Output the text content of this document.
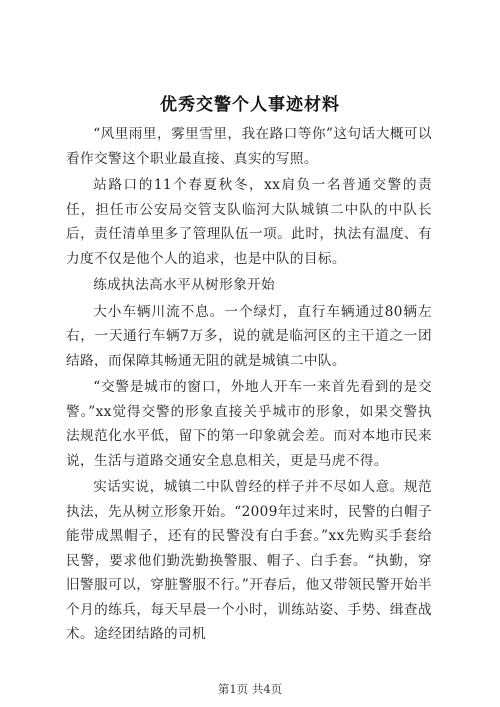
优秀交警个人事迹材料

“风里雨里，雾里雪里，我在路口等你”这句话大概可以看作交警这个职业最直接、真实的写照。

站路口的11个春夏秋冬，xx肩负一名普通交警的责任，担任市公安局交管支队临河大队城镇二中队的中队长后，责任清单里多了管理队伍一项。此时，执法有温度、有力度不仅是他个人的追求，也是中队的目标。

练成执法高水平从树形象开始

大小车辆川流不息。一个绿灯，直行车辆通过80辆左右，一天通行车辆7万多，说的就是临河区的主干道之一团结路，而保障其畅通无阻的就是城镇二中队。

“交警是城市的窗口，外地人开车一来首先看到的是交警。”xx觉得交警的形象直接关乎城市的形象，如果交警执法规范化水平低，留下的第一印象就会差。而对本地市民来说，生活与道路交通安全息息相关，更是马虎不得。

实话实说，城镇二中队曾经的样子并不尽如人意。规范执法，先从树立形象开始。“2009年过来时，民警的白帽子能带成黑帽子，还有的民警没有白手套。”xx先购买手套给民警，要求他们勤洗勤换警服、帽子、白手套。“执勤，穿旧警服可以，穿脏警服不行。”开春后，他又带领民警开始半个月的练兵，每天早晨一个小时，训练站姿、手势、缉查战术。途经团结路的司机

第1页 共4页
